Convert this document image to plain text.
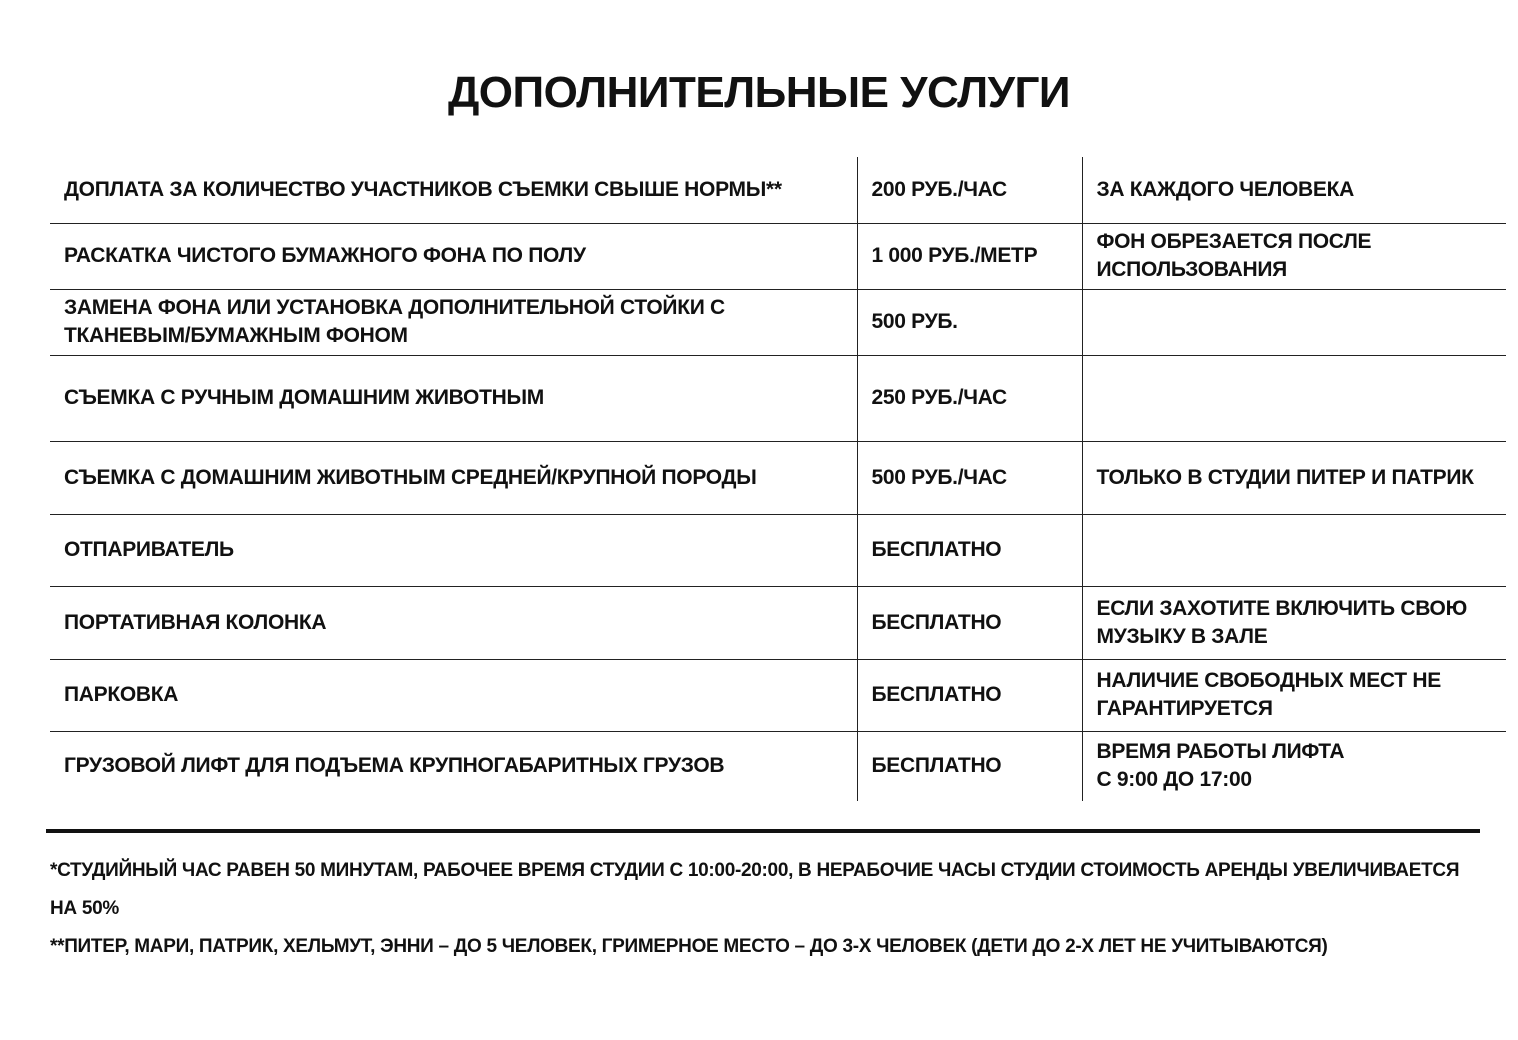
ДОПОЛНИТЕЛЬНЫЕ УСЛУГИ
ДОПЛАТА ЗА КОЛИЧЕСТВО УЧАСТНИКОВ СЪЕМКИ СВЫШЕ НОРМЫ**	200 РУБ./ЧАС	ЗА КАЖДОГО ЧЕЛОВЕКА
РАСКАТКА ЧИСТОГО БУМАЖНОГО ФОНА ПО ПОЛУ	1 000 РУБ./МЕТР	ФОН ОБРЕЗАЕТСЯ ПОСЛЕ ИСПОЛЬЗОВАНИЯ
ЗАМЕНА ФОНА ИЛИ УСТАНОВКА ДОПОЛНИТЕЛЬНОЙ СТОЙКИ С ТКАНЕВЫМ/БУМАЖНЫМ ФОНОМ	500 РУБ.	
СЪЕМКА С РУЧНЫМ ДОМАШНИМ ЖИВОТНЫМ	250 РУБ./ЧАС	
СЪЕМКА С ДОМАШНИМ ЖИВОТНЫМ СРЕДНЕЙ/КРУПНОЙ ПОРОДЫ	500 РУБ./ЧАС	ТОЛЬКО В СТУДИИ ПИТЕР И ПАТРИК
ОТПАРИВАТЕЛЬ	БЕСПЛАТНО	
ПОРТАТИВНАЯ КОЛОНКА	БЕСПЛАТНО	ЕСЛИ ЗАХОТИТЕ ВКЛЮЧИТЬ СВОЮ МУЗЫКУ В ЗАЛЕ
ПАРКОВКА	БЕСПЛАТНО	НАЛИЧИЕ СВОБОДНЫХ МЕСТ НЕ ГАРАНТИРУЕТСЯ
ГРУЗОВОЙ ЛИФТ ДЛЯ ПОДЪЕМА КРУПНОГАБАРИТНЫХ ГРУЗОВ	БЕСПЛАТНО	ВРЕМЯ РАБОТЫ ЛИФТА
С 9:00 ДО 17:00

*СТУДИЙНЫЙ ЧАС РАВЕН 50 МИНУТАМ, РАБОЧЕЕ ВРЕМЯ СТУДИИ С 10:00-20:00, В НЕРАБОЧИЕ ЧАСЫ СТУДИИ СТОИМОСТЬ АРЕНДЫ УВЕЛИЧИВАЕТСЯ НА 50%

**ПИТЕР, МАРИ, ПАТРИК, ХЕЛЬМУТ, ЭННИ – ДО 5 ЧЕЛОВЕК, ГРИМЕРНОЕ МЕСТО – ДО 3-Х ЧЕЛОВЕК (ДЕТИ ДО 2-Х ЛЕТ НЕ УЧИТЫВАЮТСЯ)
